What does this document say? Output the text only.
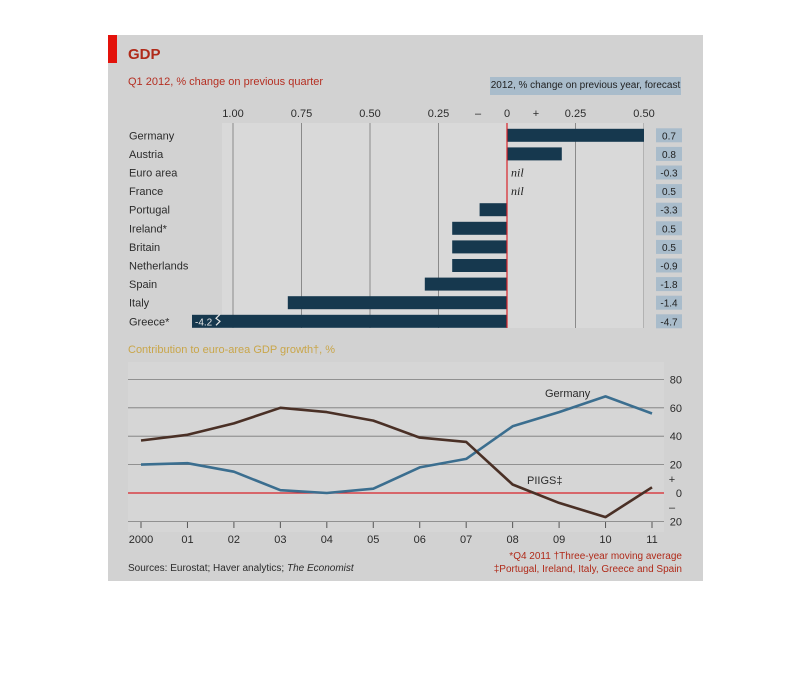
GDP
Q1 2012, % change on previous quarter	2012, % change on previous year, forecast
Contribution to euro-area GDP growth†, %
1.00	0.75	0.50	0.25 – 0 + 0.25	0.50
Germany	0.7
Austria	0.8
Euro area	nil	-0.3
France	nil	0.5
Portugal	-3.3
Ireland*	0.5
Britain	0.5
Netherlands	-0.9
Spain	-1.8
Italy	-1.4
Greece*	-4.2	-4.7
80
60
40
20
0
20
+
–
2000	01	02	03	04	05	06	07	08	09	10	11
Germany
PIIGS‡
*Q4 2011 †Three-year moving average
‡Portugal, Ireland, Italy, Greece and Spain
Sources: Eurostat; Haver analytics; The Economist
